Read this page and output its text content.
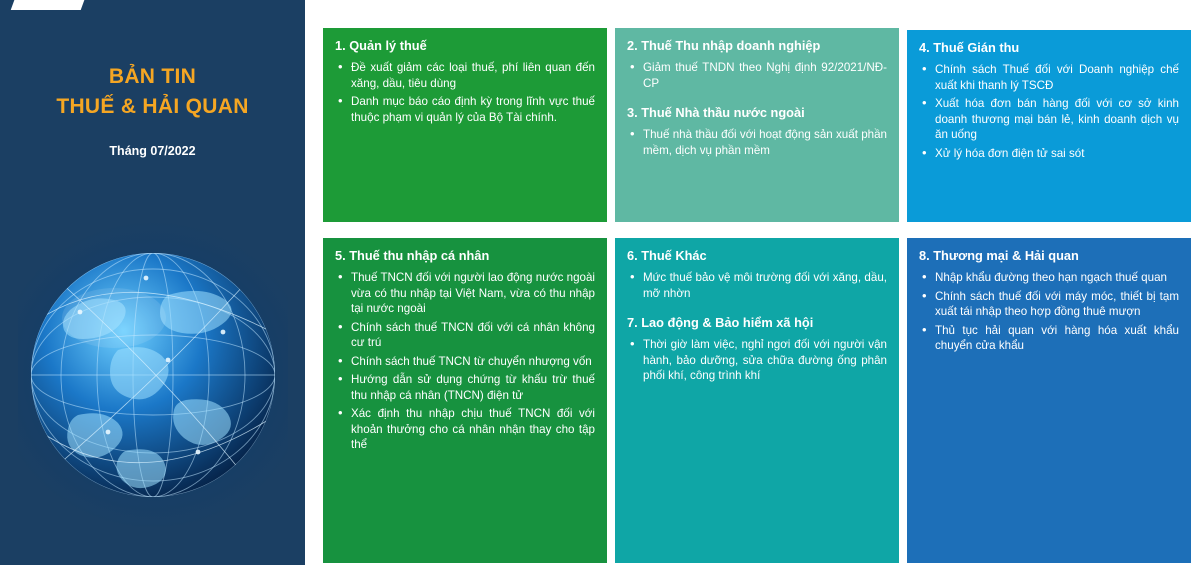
BẢN TIN
THUẾ & HẢI QUAN
Tháng 07/2022
1. Quản lý thuế
• Đề xuất giảm các loại thuế, phí liên quan đến xăng, dầu, tiêu dùng
• Danh mục báo cáo định kỳ trong lĩnh vực thuế thuộc phạm vi quản lý của Bộ Tài chính.
2. Thuế Thu nhập doanh nghiệp
• Giảm thuế TNDN theo Nghị định 92/2021/NĐ-CP
3. Thuế Nhà thầu nước ngoài
• Thuế nhà thầu đối với hoạt động sản xuất phần mềm, dịch vụ phần mềm
4. Thuế Gián thu
• Chính sách Thuế đối với Doanh nghiệp chế xuất khi thanh lý TSCĐ
• Xuất hóa đơn bán hàng đối với cơ sở kinh doanh thương mại bán lẻ, kinh doanh dịch vụ ăn uống
• Xử lý hóa đơn điện tử sai sót
5. Thuế thu nhập cá nhân
• Thuế TNCN đối với người lao động nước ngoài vừa có thu nhập tại Việt Nam, vừa có thu nhập tại nước ngoài
• Chính sách thuế TNCN đối với cá nhân không cư trú
• Chính sách thuế TNCN từ chuyển nhượng vốn
• Hướng dẫn sử dụng chứng từ khấu trừ thuế thu nhập cá nhân (TNCN) điện tử
• Xác định thu nhập chịu thuế TNCN đối với khoản thưởng cho cá nhân nhận thay cho tập thể
6. Thuế Khác
• Mức thuế bảo vệ môi trường đối với xăng, dầu, mỡ nhờn
7. Lao động & Bảo hiểm xã hội
• Thời giờ làm việc, nghỉ ngơi đối với người vận hành, bảo dưỡng, sửa chữa đường ống phân phối khí, công trình khí
8. Thương mại & Hải quan
• Nhập khẩu đường theo hạn ngạch thuế quan
• Chính sách thuế đối với máy móc, thiết bị tạm xuất tái nhập theo hợp đồng thuê mượn
• Thủ tục hải quan với hàng hóa xuất khẩu chuyển cửa khẩu
